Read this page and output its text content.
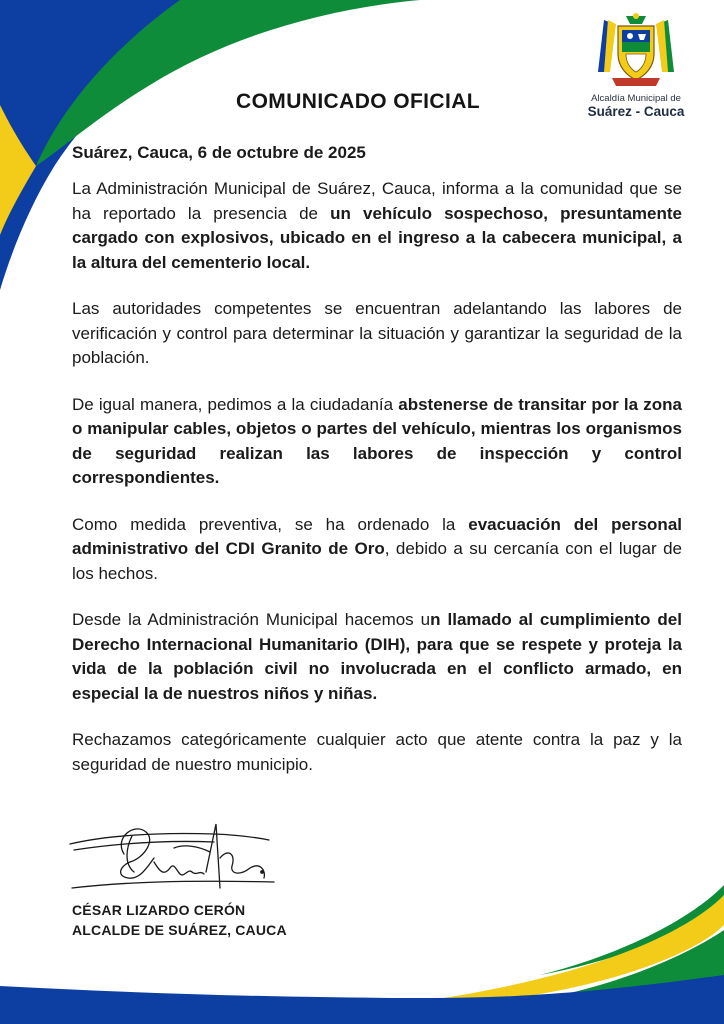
Alcaldía Municipal de
Suárez - Cauca
COMUNICADO OFICIAL
Suárez, Cauca, 6 de octubre de 2025

La Administración Municipal de Suárez, Cauca, informa a la comunidad que se ha reportado la presencia de un vehículo sospechoso, presuntamente cargado con explosivos, ubicado en el ingreso a la cabecera municipal, a la altura del cementerio local.

Las autoridades competentes se encuentran adelantando las labores de verificación y control para determinar la situación y garantizar la seguridad de la población.

De igual manera, pedimos a la ciudadanía abstenerse de transitar por la zona o manipular cables, objetos o partes del vehículo, mientras los organismos de seguridad realizan las labores de inspección y control correspondientes.

Como medida preventiva, se ha ordenado la evacuación del personal administrativo del CDI Granito de Oro, debido a su cercanía con el lugar de los hechos.

Desde la Administración Municipal hacemos un llamado al cumplimiento del Derecho Internacional Humanitario (DIH), para que se respete y proteja la vida de la población civil no involucrada en el conflicto armado, en especial la de nuestros niños y niñas.

Rechazamos categóricamente cualquier acto que atente contra la paz y la seguridad de nuestro municipio.

CÉSAR LIZARDO CERÓN
ALCALDE DE SUÁREZ, CAUCA
